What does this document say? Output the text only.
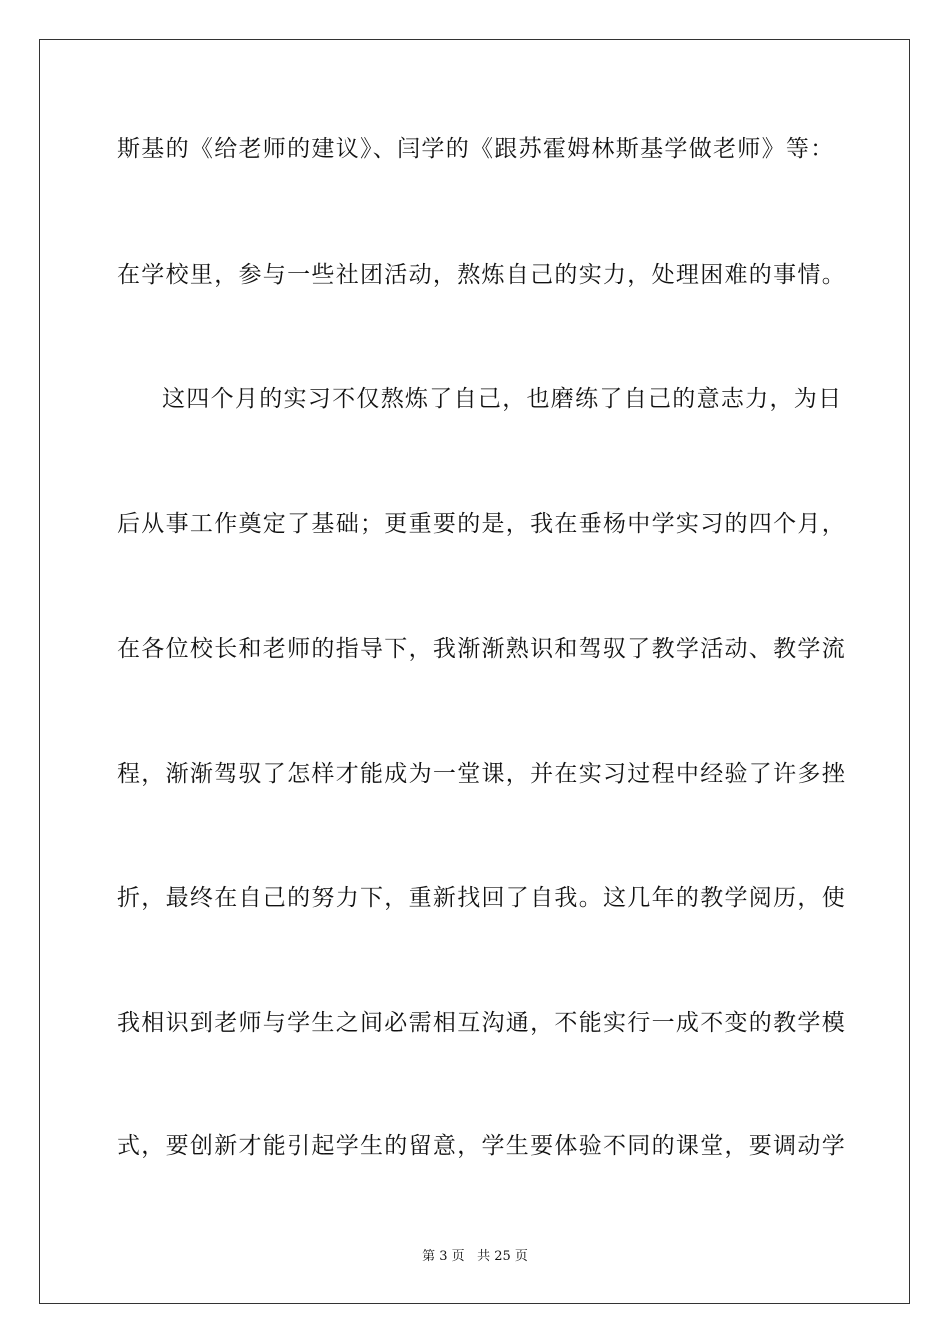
斯基的《给老师的建议》、闫学的《跟苏霍姆林斯基学做老师》等：
在学校里，参与一些社团活动，熬炼自己的实力，处理困难的事情。
这四个月的实习不仅熬炼了自己，也磨练了自己的意志力，为日
后从事工作奠定了基础；更重要的是，我在垂杨中学实习的四个月，
在各位校长和老师的指导下，我渐渐熟识和驾驭了教学活动、教学流
程，渐渐驾驭了怎样才能成为一堂课，并在实习过程中经验了许多挫
折，最终在自己的努力下，重新找回了自我。这几年的教学阅历，使
我相识到老师与学生之间必需相互沟通，不能实行一成不变的教学模
式，要创新才能引起学生的留意，学生要体验不同的课堂，要调动学
第 3 页 共 25 页
